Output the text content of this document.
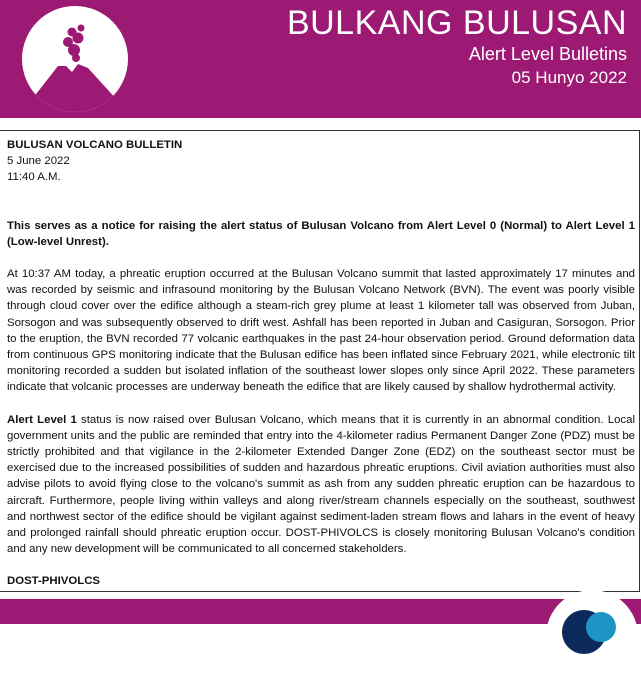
BULKANG BULUSAN
Alert Level Bulletins
05 Hunyo 2022

BULUSAN VOLCANO BULLETIN

5 June 2022

11:40 A.M.

This serves as a notice for raising the alert status of Bulusan Volcano from Alert Level 0 (Normal) to Alert Level 1 (Low-level Unrest).

At 10:37 AM today, a phreatic eruption occurred at the Bulusan Volcano summit that lasted approximately 17 minutes and was recorded by seismic and infrasound monitoring by the Bulusan Volcano Network (BVN). The event was poorly visible through cloud cover over the edifice although a steam-rich grey plume at least 1 kilometer tall was observed from Juban, Sorsogon and was subsequently observed to drift west. Ashfall has been reported in Juban and Casiguran, Sorsogon. Prior to the eruption, the BVN recorded 77 volcanic earthquakes in the past 24-hour observation period. Ground deformation data from continuous GPS monitoring indicate that the Bulusan edifice has been inflated since February 2021, while electronic tilt monitoring recorded a sudden but isolated inflation of the southeast lower slopes only since April 2022. These parameters indicate that volcanic processes are underway beneath the edifice that are likely caused by shallow hydrothermal activity.

Alert Level 1 status is now raised over Bulusan Volcano, which means that it is currently in an abnormal condition. Local government units and the public are reminded that entry into the 4-kilometer radius Permanent Danger Zone (PDZ) must be strictly prohibited and that vigilance in the 2-kilometer Extended Danger Zone (EDZ) on the southeast sector must be exercised due to the increased possibilities of sudden and hazardous phreatic eruptions. Civil aviation authorities must also advise pilots to avoid flying close to the volcano's summit as ash from any sudden phreatic eruption can be hazardous to aircraft. Furthermore, people living within valleys and along river/stream channels especially on the southeast, southwest and northwest sector of the edifice should be vigilant against sediment-laden stream flows and lahars in the event of heavy and prolonged rainfall should phreatic eruption occur. DOST-PHIVOLCS is closely monitoring Bulusan Volcano's condition and any new development will be communicated to all concerned stakeholders.

DOST-PHIVOLCS
